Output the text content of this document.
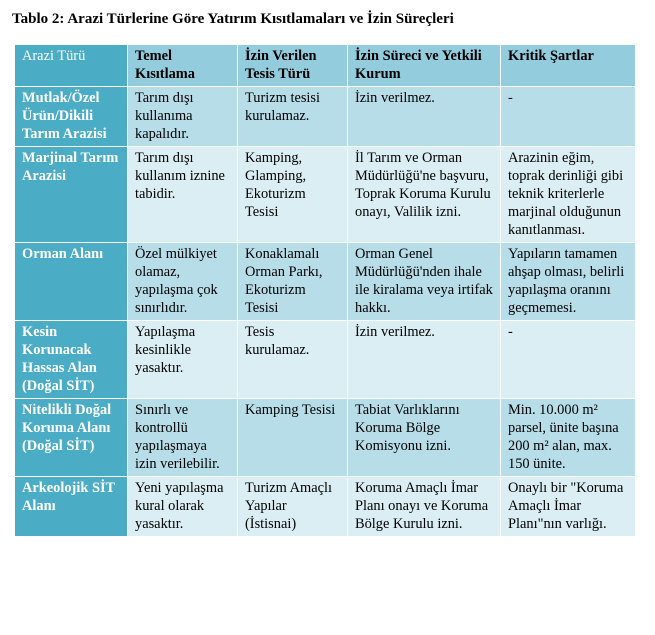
Tablo 2: Arazi Türlerine Göre Yatırım Kısıtlamaları ve İzin Süreçleri
Arazi Türü	Temel Kısıtlama	İzin Verilen Tesis Türü	İzin Süreci ve Yetkili Kurum	Kritik Şartlar
Mutlak/Özel Ürün/Dikili Tarım Arazisi	Tarım dışı kullanıma kapalıdır.	Turizm tesisi kurulamaz.	İzin verilmez.	-
Marjinal Tarım Arazisi	Tarım dışı kullanım iznine tabidir.	Kamping, Glamping, Ekoturizm Tesisi	İl Tarım ve Orman Müdürlüğü'ne başvuru, Toprak Koruma Kurulu onayı, Valilik izni.	Arazinin eğim, toprak derinliği gibi teknik kriterlerle marjinal olduğunun kanıtlanması.
Orman Alanı	Özel mülkiyet olamaz, yapılaşma çok sınırlıdır.	Konaklamalı Orman Parkı, Ekoturizm Tesisi	Orman Genel Müdürlüğü'nden ihale ile kiralama veya irtifak hakkı.	Yapıların tamamen ahşap olması, belirli yapılaşma oranını geçmemesi.
Kesin Korunacak Hassas Alan (Doğal SİT)	Yapılaşma kesinlikle yasaktır.	Tesis kurulamaz.	İzin verilmez.	-
Nitelikli Doğal Koruma Alanı (Doğal SİT)	Sınırlı ve kontrollü yapılaşmaya izin verilebilir.	Kamping Tesisi	Tabiat Varlıklarını Koruma Bölge Komisyonu izni.	Min. 10.000 m² parsel, ünite başına 200 m² alan, max. 150 ünite.
Arkeolojik SİT Alanı	Yeni yapılaşma kural olarak yasaktır.	Turizm Amaçlı Yapılar (İstisnai)	Koruma Amaçlı İmar Planı onayı ve Koruma Bölge Kurulu izni.	Onaylı bir "Koruma Amaçlı İmar Planı"nın varlığı.
